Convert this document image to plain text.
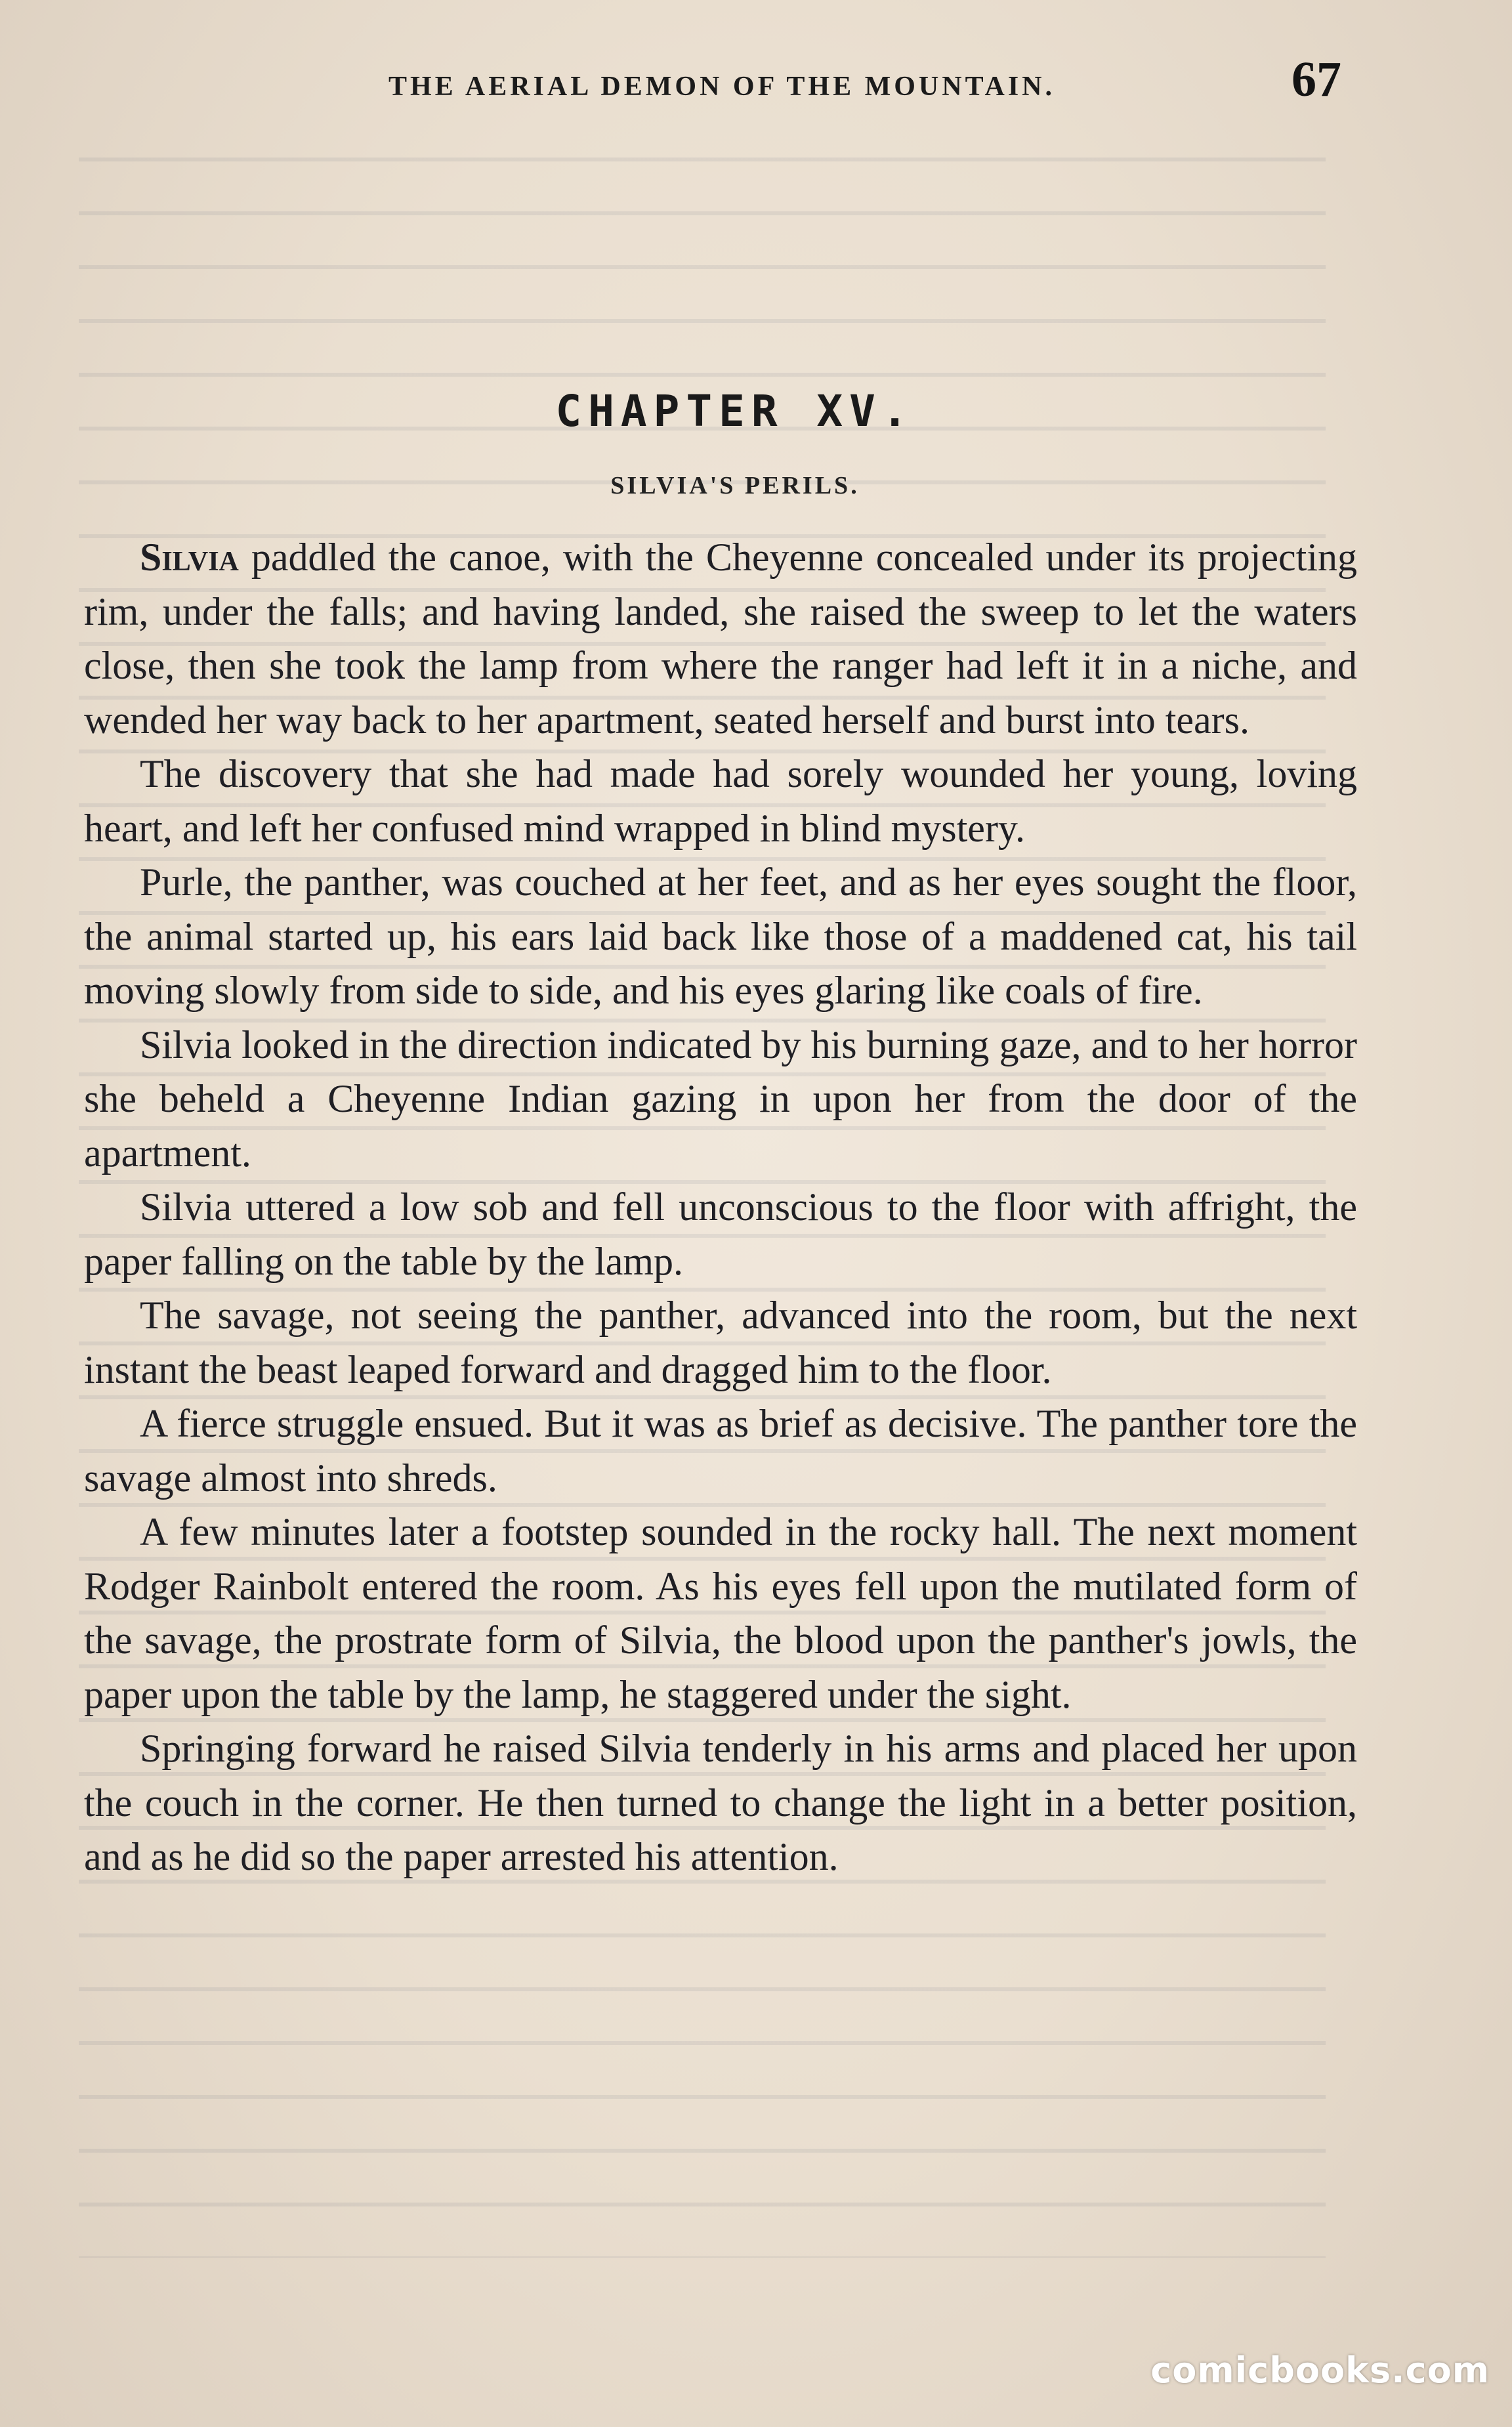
THE AERIAL DEMON OF THE MOUNTAIN.	67
CHAPTER XV.
SILVIA'S PERILS.

Silvia paddled the canoe, with the Cheyenne concealed under its projecting rim, under the falls; and having landed, she raised the sweep to let the waters close, then she took the lamp from where the ranger had left it in a niche, and wended her way back to her apartment, seated herself and burst into tears.

The discovery that she had made had sorely wounded her young, loving heart, and left her confused mind wrapped in blind mystery.

Purle, the panther, was couched at her feet, and as her eyes sought the floor, the animal started up, his ears laid back like those of a maddened cat, his tail moving slowly from side to side, and his eyes glaring like coals of fire.

Silvia looked in the direction indicated by his burning gaze, and to her horror she beheld a Cheyenne Indian gazing in upon her from the door of the apartment.

Silvia uttered a low sob and fell unconscious to the floor with affright, the paper falling on the table by the lamp.

The savage, not seeing the panther, advanced into the room, but the next instant the beast leaped forward and dragged him to the floor.

A fierce struggle ensued. But it was as brief as decisive. The panther tore the savage almost into shreds.

A few minutes later a footstep sounded in the rocky hall. The next moment Rodger Rainbolt entered the room. As his eyes fell upon the mutilated form of the savage, the prostrate form of Silvia, the blood upon the panther's jowls, the paper upon the table by the lamp, he staggered under the sight.

Springing forward he raised Silvia tenderly in his arms and placed her upon the couch in the corner. He then turned to change the light in a better position, and as he did so the paper arrested his attention.

comicbooks.com
